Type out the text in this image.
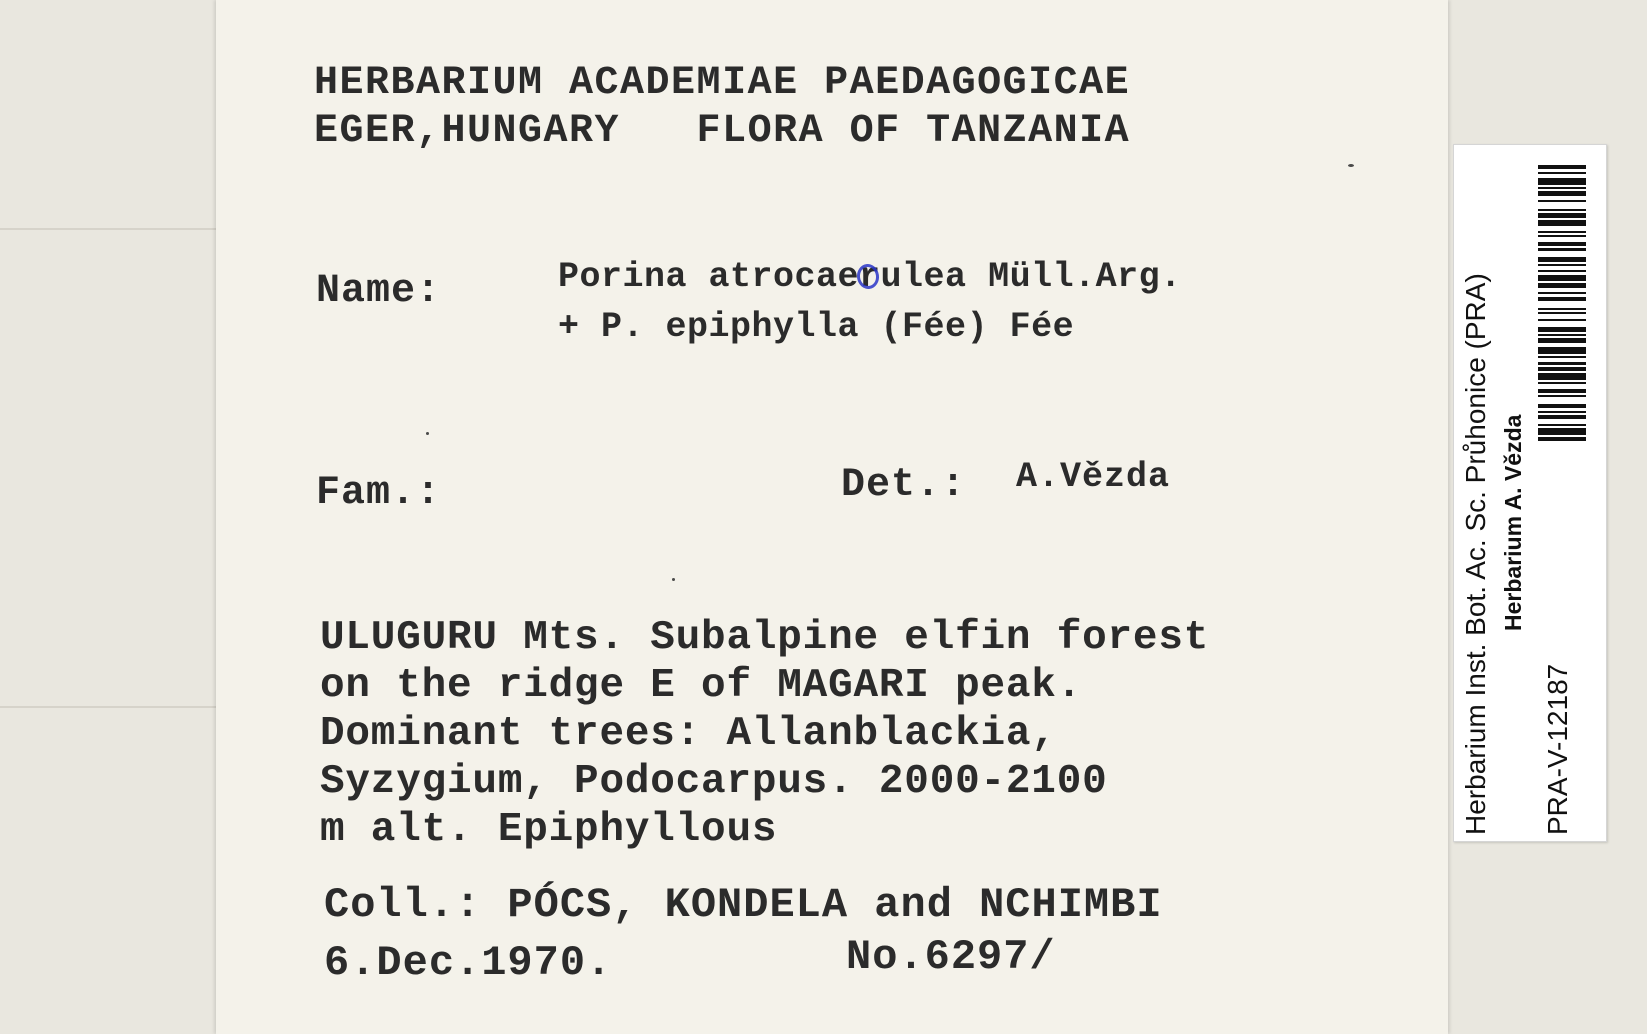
HERBARIUM ACADEMIAE PAEDAGOGICAE

EGER,HUNGARY   FLORA OF TANZANIA

Name:	Porina atrocaerulea Müll.Arg.

+ P. epiphylla (Fée) Fée

Fam.:	Det.: A.Vězda

ULUGURU Mts. Subalpine elfin forest

on the ridge E of MAGARI peak.

Dominant trees: Allanblackia,

Syzygium, Podocarpus. 2000-2100

m alt. Epiphyllous

Coll.: PÓCS, KONDELA and NCHIMBI

6.Dec.1970.	No.6297/

Herbarium Inst. Bot. Ac. Sc. Průhonice (PRA) Herbarium A. Vězda
PRA-V-12187
